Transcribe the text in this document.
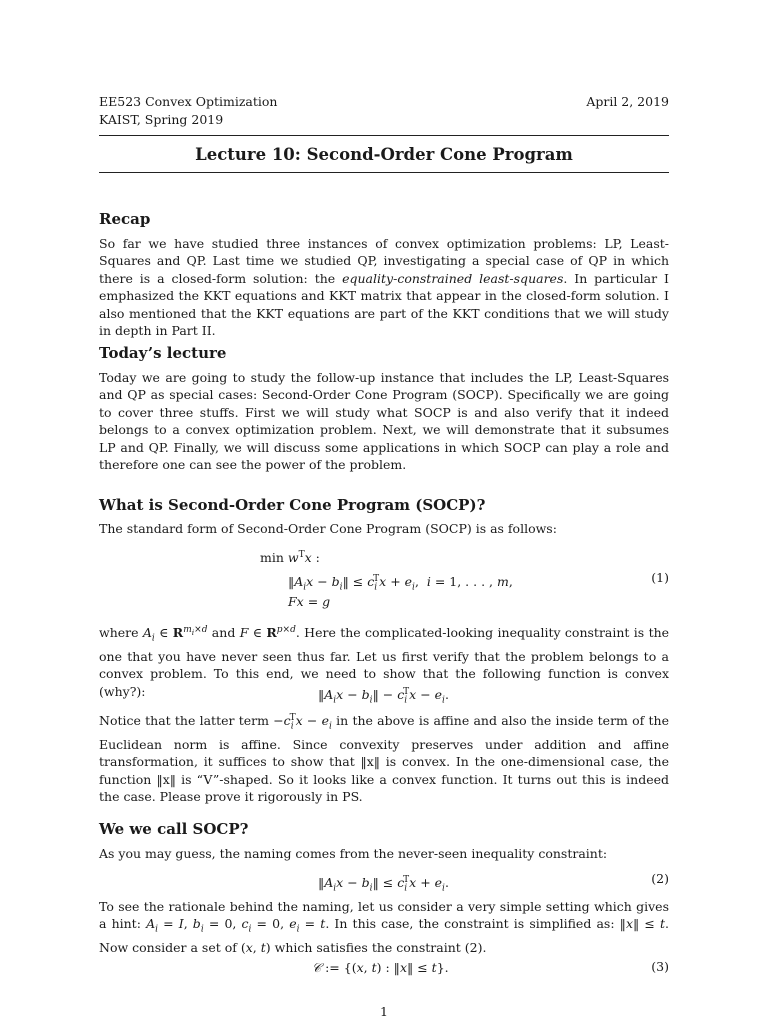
EE523 Convex Optimization
KAIST, Spring 2019
April 2, 2019
Lecture 10: Second-Order Cone Program
Recap
So far we have studied three instances of convex optimization problems: LP, Least-Squares and QP. Last time we studied QP, investigating a special case of QP in which there is a closed-form solution: the equality-constrained least-squares. In particular I emphasized the KKT equations and KKT matrix that appear in the closed-form solution. I also mentioned that the KKT equations are part of the KKT conditions that we will study in depth in Part II.
Today’s lecture
Today we are going to study the follow-up instance that includes the LP, Least-Squares and QP as special cases: Second-Order Cone Program (SOCP). Specifically we are going to cover three stuffs. First we will study what SOCP is and also verify that it indeed belongs to a convex optimization problem. Next, we will demonstrate that it subsumes LP and QP. Finally, we will discuss some applications in which SOCP can play a role and therefore one can see the power of the problem.
What is Second-Order Cone Program (SOCP)?
The standard form of Second-Order Cone Program (SOCP) is as follows:
$\min w^Tx$ :
$‖A_ix$ − $b_i‖ \le c_i^Tx + e_i$,  i = 1, . . . , m,
Fx = g
(1)
where $A_i$ ∈ $R^{m_i\times d}$ and F ∈ $R^{p\times d}$. Here the complicated-looking inequality constraint is the one that you have never seen thus far. Let us first verify that the problem belongs to a convex problem. To this end, we need to show that the following function is convex (why?):	$‖A_ix$ − $b_i‖ - c_i^Tx - e_i$.
Notice that the latter term $-c_i^Tx - e_i$ in the above is affine and also the inside term of the Euclidean norm is affine. Since convexity preserves under addition and affine transformation, it suffices to show that ‖x‖ is convex. In the one-dimensional case, the function ‖x‖ is “V”-shaped. So it looks like a convex function. It turns out this is indeed the case. Please prove it rigorously in PS.
We we call SOCP?
As you may guess, the naming comes from the never-seen inequality constraint:
$‖A_ix$ − $b_i‖ \le c_i^Tx + e_i$.	(2)
To see the rationale behind the naming, let us consider a very simple setting which gives a hint: $A_i = I$, $b_i = 0$, $c_i = 0$, $e_i = t$. In this case, the constraint is simplified as: ‖x‖ ≤ t. Now consider a set of (x, t) which satisfies the constraint (2).
𝒞 := {(x, t) : ‖x‖ ≤ t}.	(3)
1
